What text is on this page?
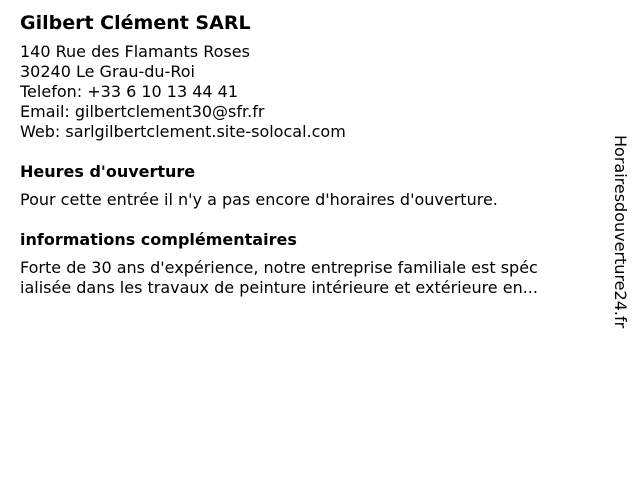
Gilbert Clément SARL
140 Rue des Flamants Roses
30240 Le Grau-du-Roi
Telefon: +33 6 10 13 44 41
Email: gilbertclement30@sfr.fr
Web: sarlgilbertclement.site-solocal.com
Heures d'ouverture
Pour cette entrée il n'y a pas encore d'horaires d'ouverture.
informations complémentaires
Forte de 30 ans d'expérience, notre entreprise familiale est spéc
ialisée dans les travaux de peinture intérieure et extérieure en...	Horairesdouverture24.fr
